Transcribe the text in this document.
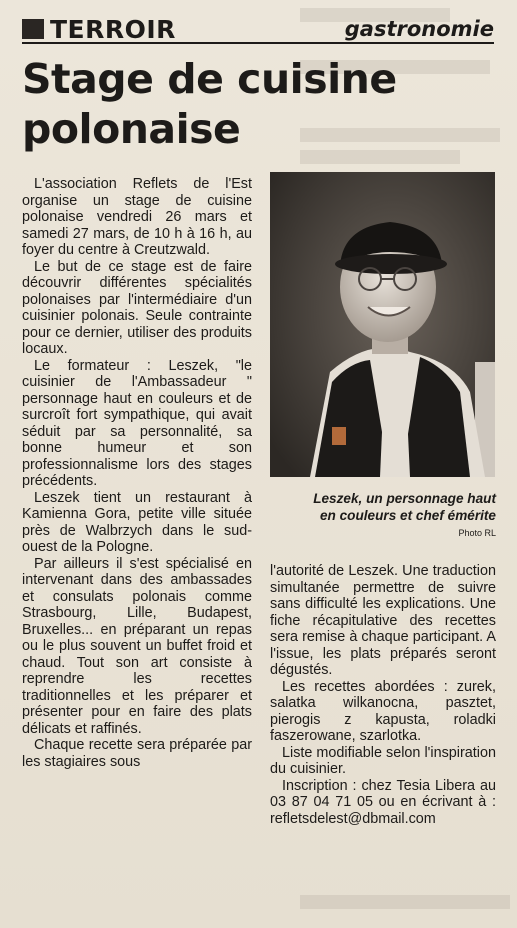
TERROIR	gastronomie
Stage de cuisine
polonaise

L'association Reflets de l'Est organise un stage de cuisine polonaise vendredi 26 mars et samedi 27 mars, de 10 h à 16 h, au foyer du centre à Creutzwald.

Le but de ce stage est de faire découvrir différentes spécialités polonaises par l'intermédiaire d'un cuisinier polonais. Seule contrainte pour ce dernier, utiliser des produits locaux.

Le formateur : Leszek, "le cuisinier de l'Ambassadeur " personnage haut en couleurs et de surcroît fort sympathique, qui avait séduit par sa personnalité, sa bonne humeur et son professionnalisme lors des stages précédents.

Leszek tient un restaurant à Kamienna Gora, petite ville située près de Walbrzych dans le sud-ouest de la Pologne.

Par ailleurs il s'est spécialisé en intervenant dans des ambassades et consulats polonais comme Strasbourg, Lille, Budapest, Bruxelles... en préparant un repas ou le plus souvent un buffet froid et chaud. Tout son art consiste à reprendre les recettes traditionnelles et les préparer et présenter pour en faire des plats délicats et raffinés.

Chaque recette sera préparée par les stagiaires sous

Leszek, un personnage haut
en couleurs et chef émérite
Photo RL

l'autorité de Leszek. Une traduction simultanée permettre de suivre sans difficulté les explications. Une fiche récapitulative des recettes sera remise à chaque participant. A l'issue, les plats préparés seront dégustés.

Les recettes abordées : zurek, salatka wilkanocna, pasztet, pierogis z kapusta, roladki faszerowane, szarlotka.

Liste modifiable selon l'inspiration du cuisinier.

Inscription : chez Tesia Libera au 03 87 04 71 05 ou en écrivant à : refletsdelest@dbmail.com
